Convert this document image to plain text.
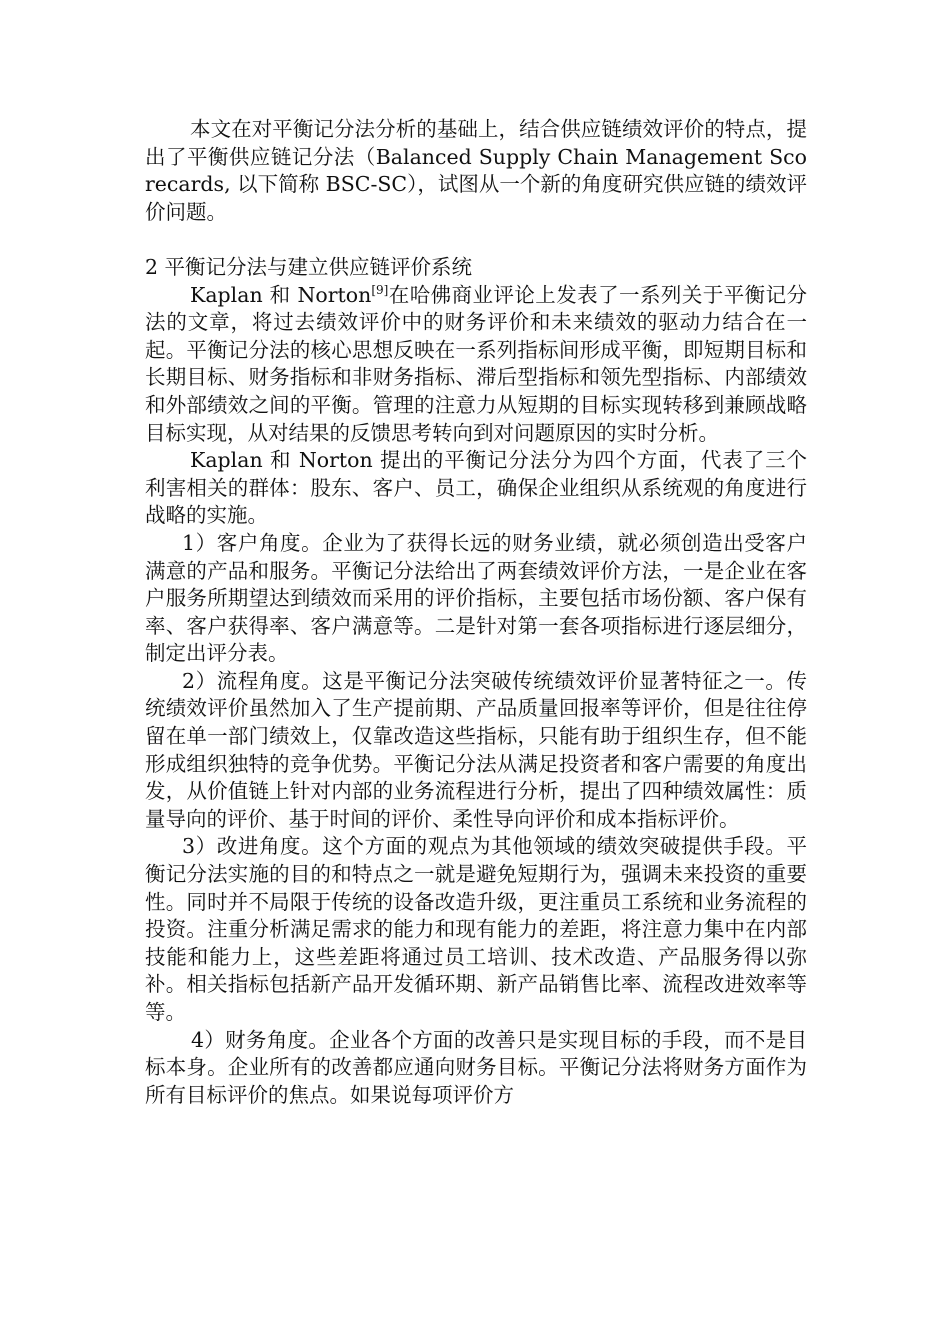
本文在对平衡记分法分析的基础上，结合供应链绩效评价的特点，提出了平衡供应链记分法（Balanced Supply Chain Management Scorecards, 以下简称 BSC-SC），试图从一个新的角度研究供应链的绩效评价问题。

2 平衡记分法与建立供应链评价系统

Kaplan 和 Norton[9]在哈佛商业评论上发表了一系列关于平衡记分法的文章，将过去绩效评价中的财务评价和未来绩效的驱动力结合在一起。平衡记分法的核心思想反映在一系列指标间形成平衡，即短期目标和长期目标、财务指标和非财务指标、滞后型指标和领先型指标、内部绩效和外部绩效之间的平衡。管理的注意力从短期的目标实现转移到兼顾战略目标实现，从对结果的反馈思考转向到对问题原因的实时分析。

Kaplan 和 Norton 提出的平衡记分法分为四个方面，代表了三个利害相关的群体：股东、客户、员工，确保企业组织从系统观的角度进行战略的实施。

1）客户角度。企业为了获得长远的财务业绩，就必须创造出受客户满意的产品和服务。平衡记分法给出了两套绩效评价方法，一是企业在客户服务所期望达到绩效而采用的评价指标，主要包括市场份额、客户保有率、客户获得率、客户满意等。二是针对第一套各项指标进行逐层细分，制定出评分表。

2）流程角度。这是平衡记分法突破传统绩效评价显著特征之一。传统绩效评价虽然加入了生产提前期、产品质量回报率等评价，但是往往停留在单一部门绩效上，仅靠改造这些指标，只能有助于组织生存，但不能形成组织独特的竞争优势。平衡记分法从满足投资者和客户需要的角度出发，从价值链上针对内部的业务流程进行分析，提出了四种绩效属性：质量导向的评价、基于时间的评价、柔性导向评价和成本指标评价。

3）改进角度。这个方面的观点为其他领域的绩效突破提供手段。平衡记分法实施的目的和特点之一就是避免短期行为，强调未来投资的重要性。同时并不局限于传统的设备改造升级，更注重员工系统和业务流程的投资。注重分析满足需求的能力和现有能力的差距，将注意力集中在内部技能和能力上，这些差距将通过员工培训、技术改造、产品服务得以弥补。相关指标包括新产品开发循环期、新产品销售比率、流程改进效率等等。

4）财务角度。企业各个方面的改善只是实现目标的手段，而不是目标本身。企业所有的改善都应通向财务目标。平衡记分法将财务方面作为所有目标评价的焦点。如果说每项评价方
